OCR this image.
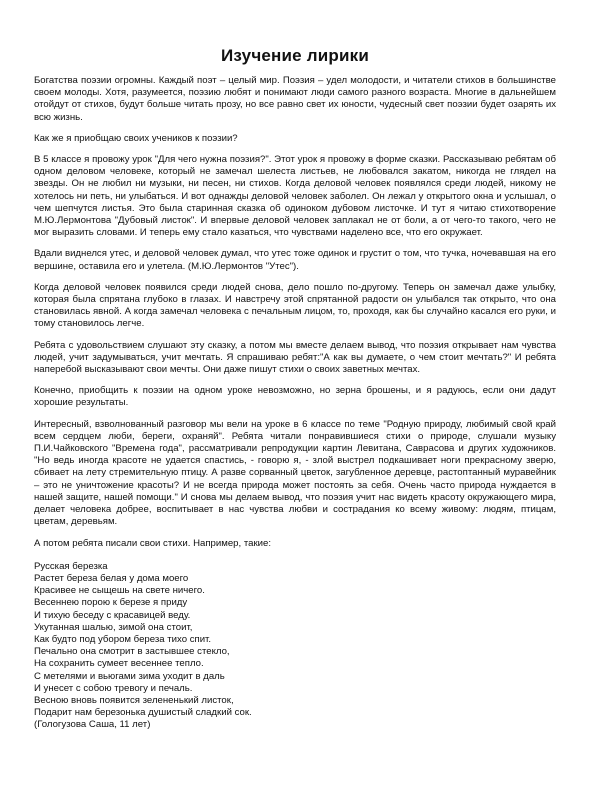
Изучение лирики

Богатства поэзии огромны. Каждый поэт – целый мир. Поэзия – удел молодости, и читатели стихов в большинстве своем молоды. Хотя, разумеется, поэзию любят и понимают люди самого разного возраста. Многие в дальнейшем отойдут от стихов, будут больше читать прозу, но все равно свет их юности, чудесный свет поэзии будет озарять их всю жизнь.

Как же я приобщаю своих учеников к поэзии?

В 5 классе я провожу урок "Для чего нужна поэзия?". Этот урок я провожу в форме сказки. Рассказываю ребятам об одном деловом человеке, который не замечал шелеста листьев, не любовался закатом, никогда не глядел на звезды. Он не любил ни музыки, ни песен, ни стихов. Когда деловой человек появлялся среди людей, никому не хотелось ни петь, ни улыбаться. И вот однажды деловой человек заболел. Он лежал у открытого окна и услышал, о чем шепчутся листья. Это была старинная сказка об одиноком дубовом листочке. И тут я читаю стихотворение М.Ю.Лермонтова "Дубовый листок". И впервые деловой человек заплакал не от боли, а от чего-то такого, чего не мог выразить словами. И теперь ему стало казаться, что чувствами наделено все, что его окружает.

Вдали виднелся утес, и деловой человек думал, что утес тоже одинок и грустит о том, что тучка, ночевавшая на его вершине, оставила его и улетела. (М.Ю.Лермонтов "Утес").

Когда деловой человек появился среди людей снова, дело пошло по-другому. Теперь он замечал даже улыбку, которая была спрятана глубоко в глазах. И навстречу этой спрятанной радости он улыбался так открыто, что она становилась явной. А когда замечал человека с печальным лицом, то, проходя, как бы случайно касался его руки, и тому становилось легче.

Ребята с удовольствием слушают эту сказку, а потом мы вместе делаем вывод, что поэзия открывает нам чувства людей, учит задумываться, учит мечтать. Я спрашиваю ребят:"А как вы думаете, о чем стоит мечтать?" И ребята наперебой высказывают свои мечты. Они даже пишут стихи о своих заветных мечтах.

Конечно, приобщить к поэзии на одном уроке невозможно, но зерна брошены, и я радуюсь, если они дадут хорошие результаты.

Интересный, взволнованный разговор мы вели на уроке в 6 классе по теме "Родную природу, любимый свой край всем сердцем люби, береги, охраняй". Ребята читали понравившиеся стихи о природе, слушали музыку П.И.Чайковского "Времена года", рассматривали репродукции картин Левитана, Саврасова и других художников. "Но ведь иногда красоте не удается спастись, - говорю я, - злой выстрел подкашивает ноги прекрасному зверю, сбивает на лету стремительную птицу. А разве сорванный цветок, загубленное деревце, растоптанный муравейник – это не уничтожение красоты? И не всегда природа может постоять за себя. Очень часто природа нуждается в нашей защите, нашей помощи." И снова мы делаем вывод, что поэзия учит нас видеть красоту окружающего мира, делает человека добрее, воспитывает в нас чувства любви и сострадания ко всему живому: людям, птицам, цветам, деревьям.

А потом ребята писали свои стихи. Например, такие:

Русская березка
Растет береза белая у дома моего
Красивее не сыщешь на свете ничего.
Весеннею порою к березе я приду
И тихую беседу с красавицей веду.
Укутанная шалью, зимой она стоит,
Как будто под убором береза тихо спит.
Печально она смотрит в застывшее стекло,
На сохранить сумеет весеннее тепло.
С метелями и вьюгами зима уходит в даль
И унесет с собою тревогу и печаль.
Весною вновь появится зелененький листок,
Подарит нам березонька душистый сладкий сок.
(Гологузова Саша, 11 лет)
